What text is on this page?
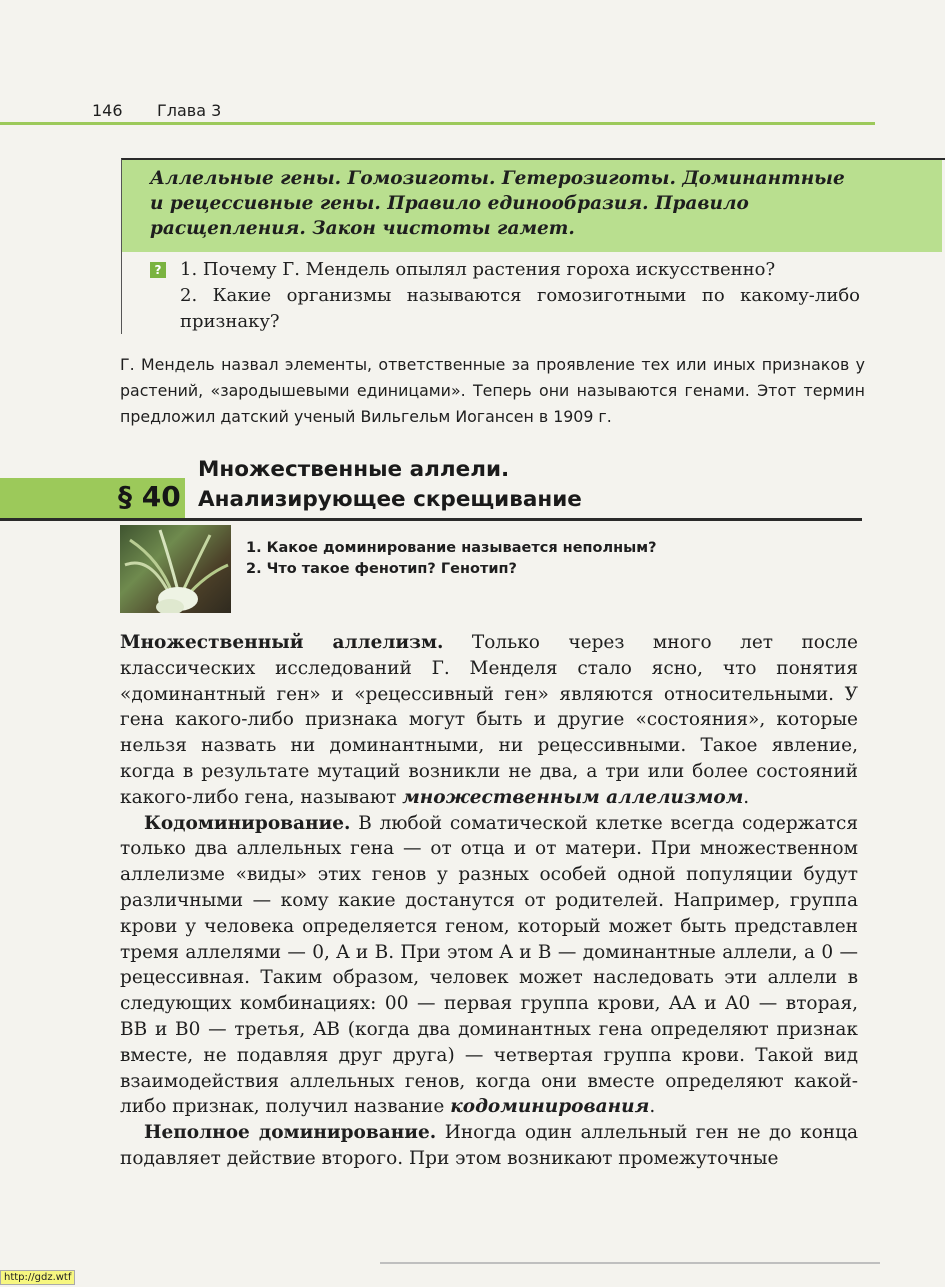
146 Глава 3
Аллельные гены. Гомозиготы. Гетерозиготы. Доминантные и рецессивные гены. Правило единообразия. Правило расщепления. Закон чистоты гамет.
? 1. Почему Г. Мендель опылял растения гороха искусственно?
2. Какие организмы называются гомозиготными по какому-либо признаку?
Г. Мендель назвал элементы, ответственные за проявление тех или иных признаков у растений, «зародышевыми единицами». Теперь они называются генами. Этот термин предложил датский ученый Вильгельм Иогансен в 1909 г.
§ 40
Множественные аллели.
Анализирующее скрещивание
1. Какое доминирование называется неполным?
2. Что такое фенотип? Генотип?

Множественный аллелизм. Только через много лет после классических исследований Г. Менделя стало ясно, что понятия «доминантный ген» и «рецессивный ген» являются относительными. У гена какого-либо признака могут быть и другие «состояния», которые нельзя назвать ни доминантными, ни рецессивными. Такое явление, когда в результате мутаций возникли не два, а три или более состояний какого-либо гена, называют множественным аллелизмом.

Кодоминирование. В любой соматической клетке всегда содержатся только два аллельных гена — от отца и от матери. При множественном аллелизме «виды» этих генов у разных особей одной популяции будут различными — кому какие достанутся от родителей. Например, группа крови у человека определяется геном, который может быть представлен тремя аллелями — 0, A и B. При этом A и B — доминантные аллели, а 0 — рецессивная. Таким образом, человек может наследовать эти аллели в следующих комбинациях: 00 — первая группа крови, AA и A0 — вторая, BB и B0 — третья, AB (когда два доминантных гена определяют признак вместе, не подавляя друг друга) — четвертая группа крови. Такой вид взаимодействия аллельных генов, когда они вместе определяют какой-либо признак, получил название кодоминирования.

Неполное доминирование. Иногда один аллельный ген не до конца подавляет действие второго. При этом возникают промежуточные

http://gdz.wtf
